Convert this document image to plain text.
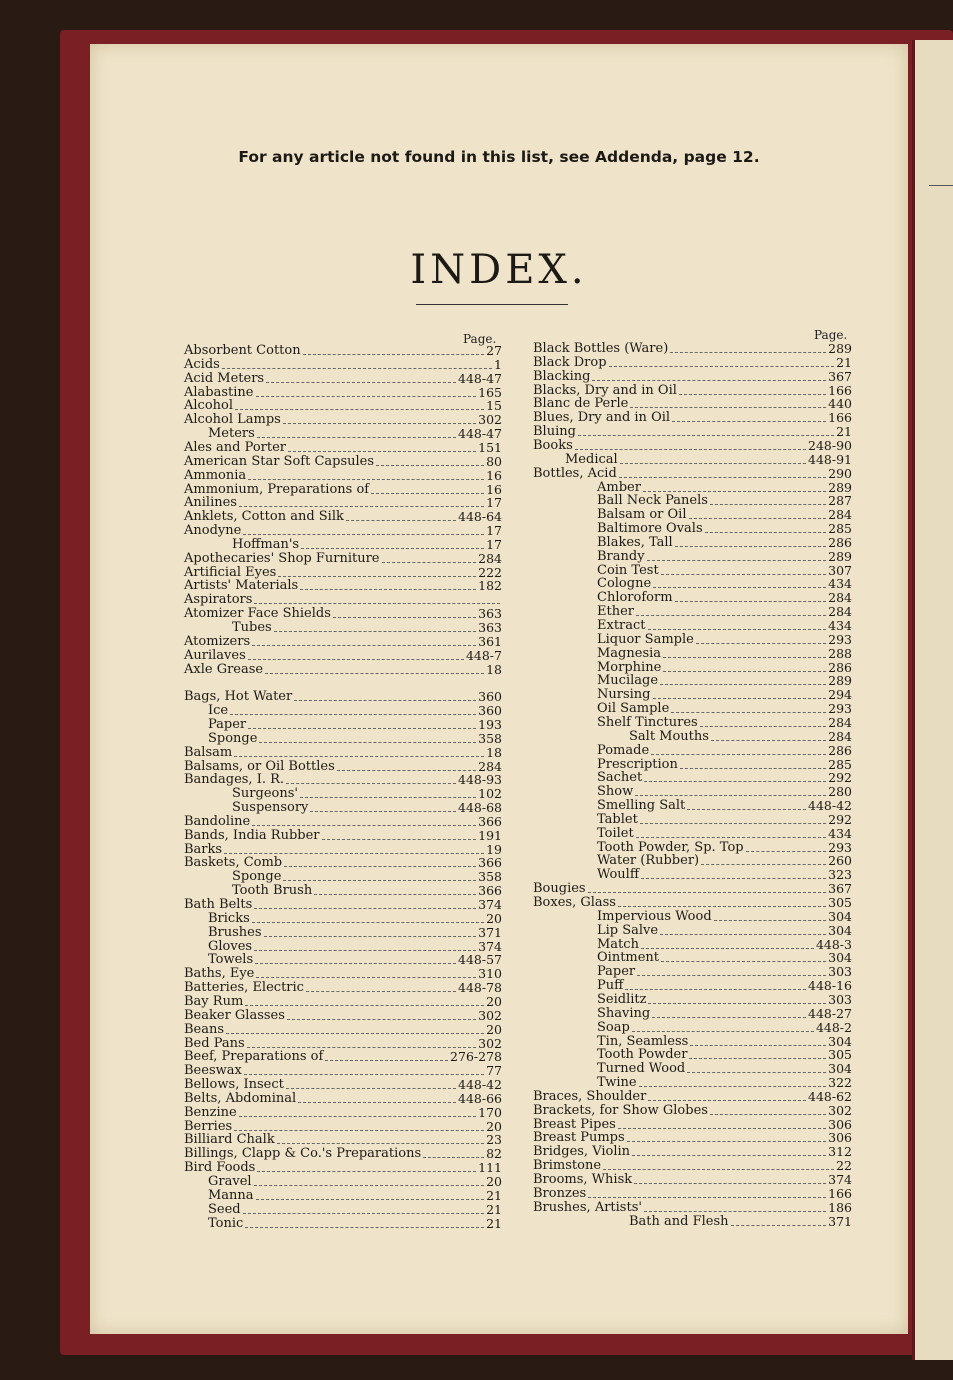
For any article not found in this list, see Addenda, page 12.
INDEX.
Page.	Page.
Absorbent Cotton	27
Acids	1
Acid Meters	448-47
Alabastine	165
Alcohol	15
Alcohol Lamps	302
Meters	448-47
Ales and Porter	151
American Star Soft Capsules	80
Ammonia	16
Ammonium, Preparations of	16
Anilines	17
Anklets, Cotton and Silk	448-64
Anodyne	17
Hoffman's	17
Apothecaries' Shop Furniture	284
Artificial Eyes	222
Artists' Materials	182
Aspirators
Atomizer Face Shields	363
Tubes	363
Atomizers	361
Aurilaves	448-7
Axle Grease	18
Bags, Hot Water	360
Ice	360
Paper	193
Sponge	358
Balsam	18
Balsams, or Oil Bottles	284
Bandages, I. R.	448-93
Surgeons'	102
Suspensory	448-68
Bandoline	366
Bands, India Rubber	191
Barks	19
Baskets, Comb	366
Sponge	358
Tooth Brush	366
Bath Belts	374
Bricks	20
Brushes	371
Gloves	374
Towels	448-57
Baths, Eye	310
Batteries, Electric	448-78
Bay Rum	20
Beaker Glasses	302
Beans	20
Bed Pans	302
Beef, Preparations of	276-278
Beeswax	77
Bellows, Insect	448-42
Belts, Abdominal	448-66
Benzine	170
Berries	20
Billiard Chalk	23
Billings, Clapp & Co.'s Preparations	82
Bird Foods	111
Gravel	20
Manna	21
Seed	21
Tonic	21
Black Bottles (Ware)	289
Black Drop	21
Blacking	367
Blacks, Dry and in Oil	166
Blanc de Perle	440
Blues, Dry and in Oil	166
Bluing	21
Books	248-90
Medical	448-91
Bottles, Acid	290
Amber	289
Ball Neck Panels	287
Balsam or Oil	284
Baltimore Ovals	285
Blakes, Tall	286
Brandy	289
Coin Test	307
Cologne	434
Chloroform	284
Ether	284
Extract	434
Liquor Sample	293
Magnesia	288
Morphine	286
Mucilage	289
Nursing	294
Oil Sample	293
Shelf Tinctures	284
Salt Mouths	284
Pomade	286
Prescription	285
Sachet	292
Show	280
Smelling Salt	448-42
Tablet	292
Toilet	434
Tooth Powder, Sp. Top	293
Water (Rubber)	260
Woulff	323
Bougies	367
Boxes, Glass	305
Impervious Wood	304
Lip Salve	304
Match	448-3
Ointment	304
Paper	303
Puff	448-16
Seidlitz	303
Shaving	448-27
Soap	448-2
Tin, Seamless	304
Tooth Powder	305
Turned Wood	304
Twine	322
Braces, Shoulder	448-62
Brackets, for Show Globes	302
Breast Pipes	306
Breast Pumps	306
Bridges, Violin	312
Brimstone	22
Brooms, Whisk	374
Bronzes	166
Brushes, Artists'	186
Bath and Flesh	371
